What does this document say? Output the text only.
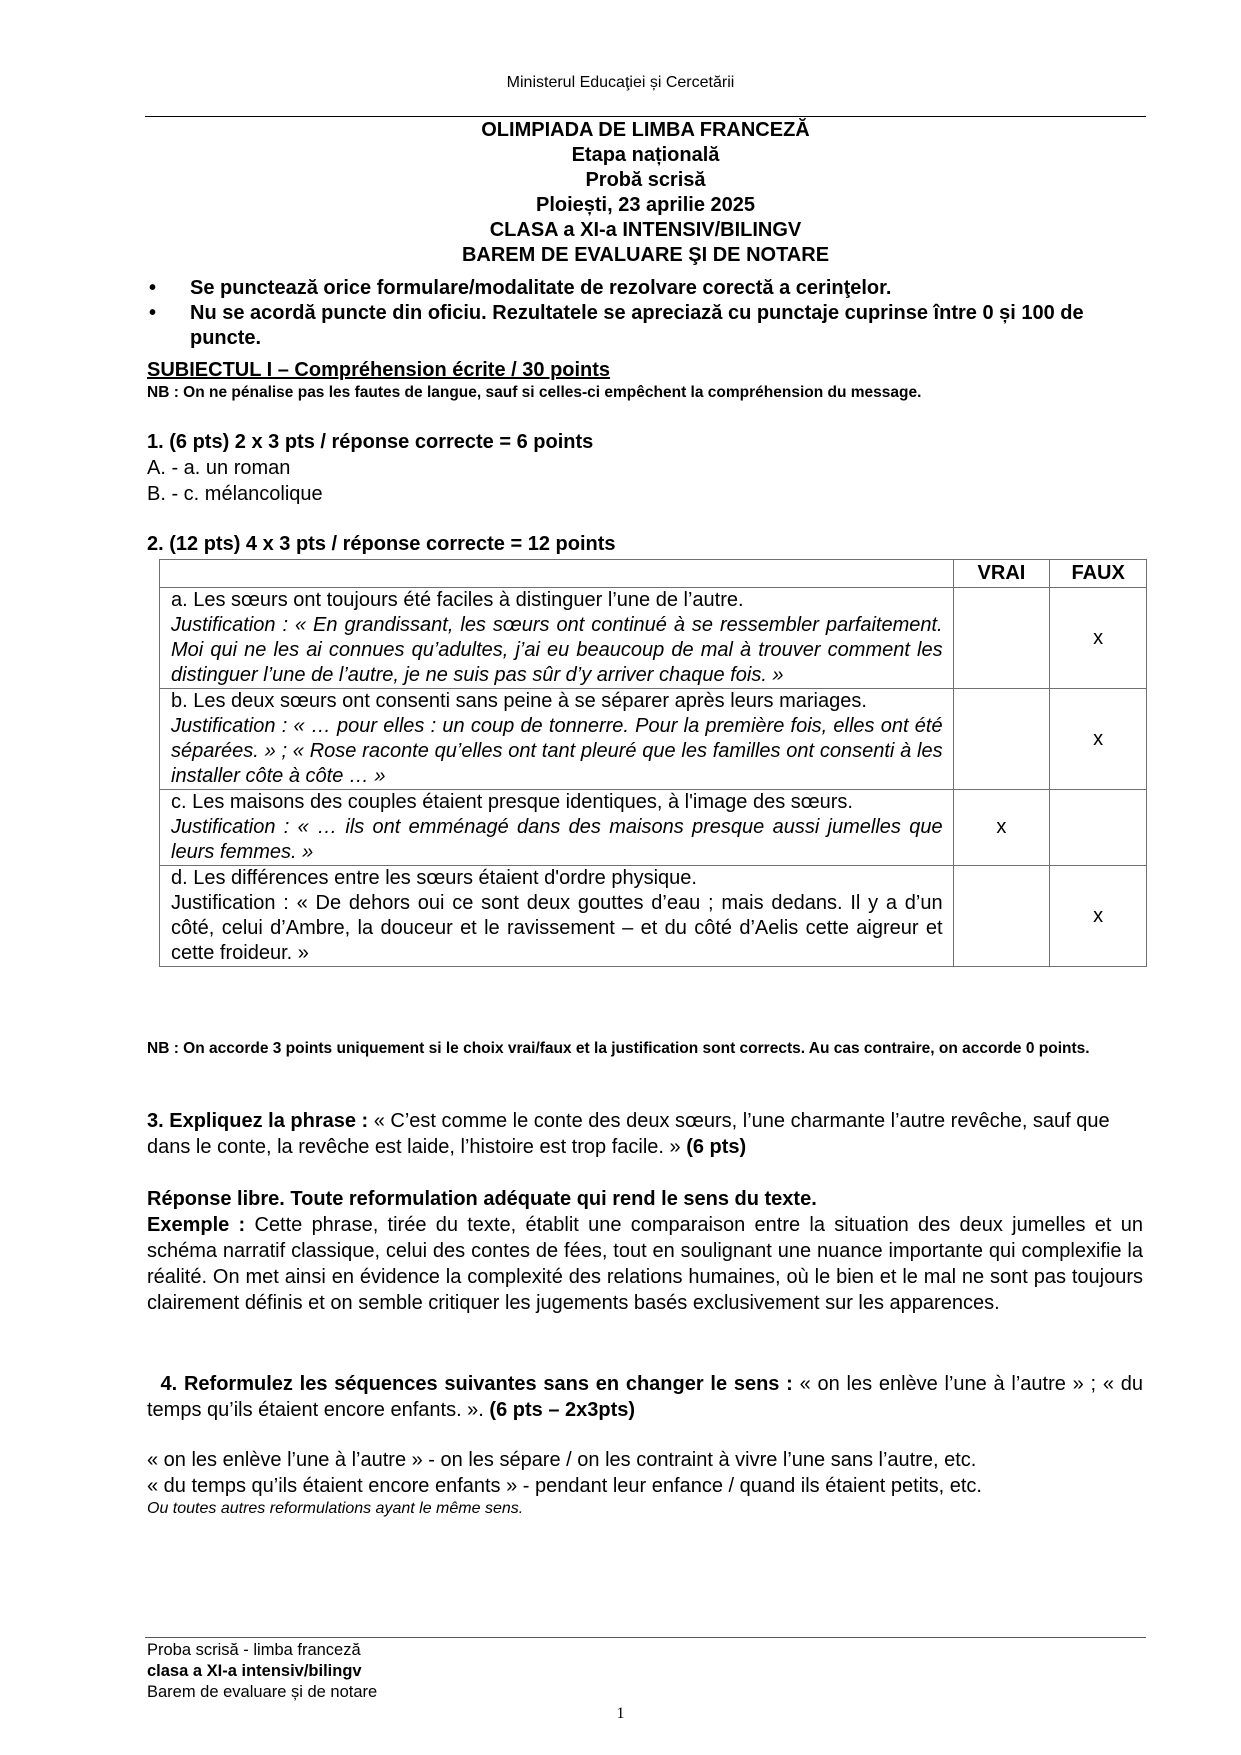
Ministerul Educaţiei și Cercetării
OLIMPIADA DE LIMBA FRANCEZĂ
Etapa națională
Probă scrisă
Ploiești, 23 aprilie 2025
CLASA a XI-a INTENSIV/BILINGV
BAREM DE EVALUARE ŞI DE NOTARE
• Se punctează orice formulare/modalitate de rezolvare corectă a cerinţelor.
• Nu se acordă puncte din oficiu. Rezultatele se apreciază cu punctaje cuprinse între 0 și 100 de puncte.
SUBIECTUL I – Compréhension écrite / 30 points
NB : On ne pénalise pas les fautes de langue, sauf si celles-ci empêchent la compréhension du message.
1. (6 pts) 2 x 3 pts / réponse correcte = 6 points
A. - a. un roman
B. - c. mélancolique
2. (12 pts) 4 x 3 pts / réponse correcte = 12 points
	VRAI	FAUX

a. Les sœurs ont toujours été faciles à distinguer l’une de l’autre.
Justification : « En grandissant, les sœurs ont continué à se ressembler parfaitement. Moi qui ne les ai connues qu’adultes, j’ai eu beaucoup de mal à trouver comment les distinguer l’une de l’autre, je ne suis pas sûr d’y arriver chaque fois. »		x

b. Les deux sœurs ont consenti sans peine à se séparer après leurs mariages.
Justification : « … pour elles : un coup de tonnerre. Pour la première fois, elles ont été séparées. » ; « Rose raconte qu’elles ont tant pleuré que les familles ont consenti à les installer côte à côte … »		x

c. Les maisons des couples étaient presque identiques, à l'image des sœurs.
Justification : « … ils ont emménagé dans des maisons presque aussi jumelles que leurs femmes. »	x	

d. Les différences entre les sœurs étaient d'ordre physique.
Justification : « De dehors oui ce sont deux gouttes d’eau ; mais dedans. Il y a d’un côté, celui d’Ambre, la douceur et le ravissement – et du côté d’Aelis cette aigreur et cette froideur. »		x
NB : On accorde 3 points uniquement si le choix vrai/faux et la justification sont corrects. Au cas contraire, on accorde 0 points.
3. Expliquez la phrase : « C’est comme le conte des deux sœurs, l’une charmante l’autre revêche, sauf que dans le conte, la revêche est laide, l’histoire est trop facile. » (6 pts)
Réponse libre. Toute reformulation adéquate qui rend le sens du texte.
Exemple : Cette phrase, tirée du texte, établit une comparaison entre la situation des deux jumelles et un schéma narratif classique, celui des contes de fées, tout en soulignant une nuance importante qui complexifie la réalité. On met ainsi en évidence la complexité des relations humaines, où le bien et le mal ne sont pas toujours clairement définis et on semble critiquer les jugements basés exclusivement sur les apparences.
4. Reformulez les séquences suivantes sans en changer le sens : « on les enlève l’une à l’autre » ; « du temps qu’ils étaient encore enfants. ». (6 pts – 2x3pts)
« on les enlève l’une à l’autre » - on les sépare / on les contraint à vivre l’une sans l’autre, etc.
« du temps qu’ils étaient encore enfants » - pendant leur enfance / quand ils étaient petits, etc.
Ou toutes autres reformulations ayant le même sens.
Proba scrisă - limba franceză
clasa a XI-a intensiv/bilingv
Barem de evaluare și de notare
1
